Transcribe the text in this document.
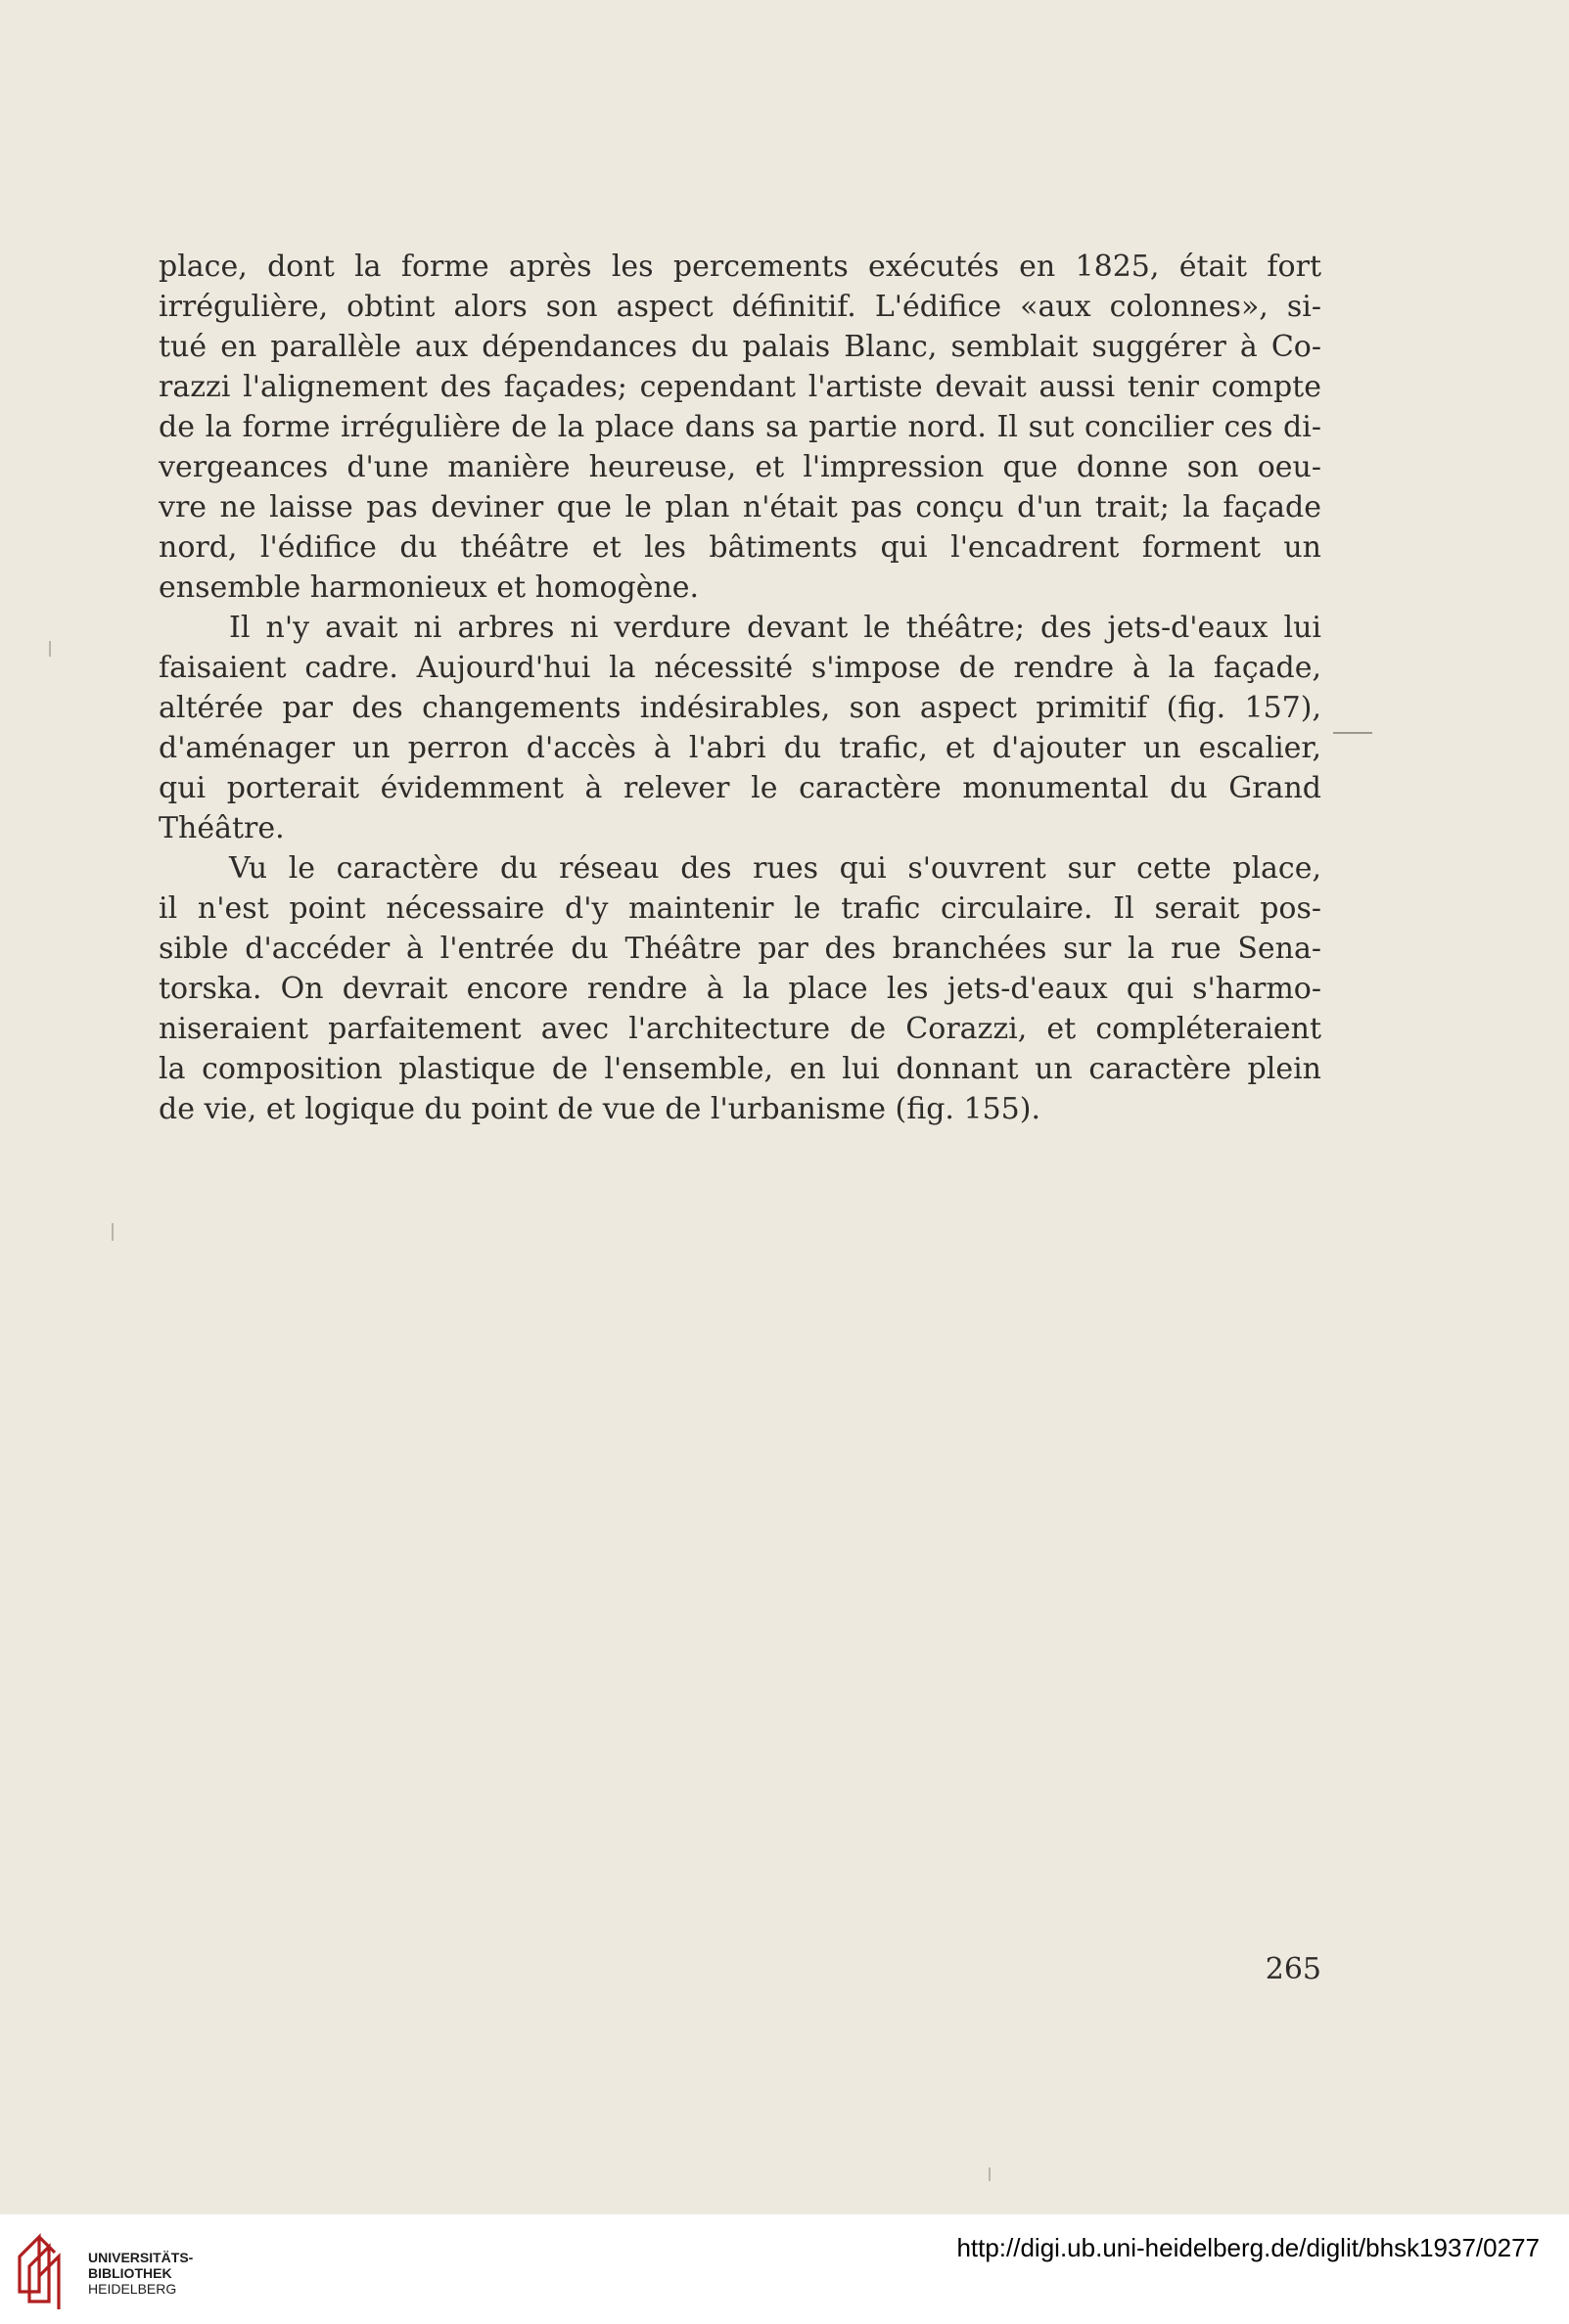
place, dont la forme après les percements exécutés en 1825, était fort
irrégulière, obtint alors son aspect définitif. L'édifice «aux colonnes», si-
tué en parallèle aux dépendances du palais Blanc, semblait suggérer à Co-
razzi l'alignement des façades; cependant l'artiste devait aussi tenir compte
de la forme irrégulière de la place dans sa partie nord. Il sut concilier ces di-
vergeances d'une manière heureuse, et l'impression que donne son oeu-
vre ne laisse pas deviner que le plan n'était pas conçu d'un trait; la façade
nord, l'édifice du théâtre et les bâtiments qui l'encadrent forment un
ensemble harmonieux et homogène.
Il n'y avait ni arbres ni verdure devant le théâtre; des jets-d'eaux lui
faisaient cadre. Aujourd'hui la nécessité s'impose de rendre à la façade,
altérée par des changements indésirables, son aspect primitif (fig. 157),
d'aménager un perron d'accès à l'abri du trafic, et d'ajouter un escalier,
qui porterait évidemment à relever le caractère monumental du Grand
Théâtre.
Vu le caractère du réseau des rues qui s'ouvrent sur cette place,
il n'est point nécessaire d'y maintenir le trafic circulaire. Il serait pos-
sible d'accéder à l'entrée du Théâtre par des branchées sur la rue Sena-
torska. On devrait encore rendre à la place les jets-d'eaux qui s'harmo-
niseraient parfaitement avec l'architecture de Corazzi, et compléteraient
la composition plastique de l'ensemble, en lui donnant un caractère plein
de vie, et logique du point de vue de l'urbanisme (fig. 155).
265
UNIVERSITÄTS-
BIBLIOTHEK
HEIDELBERG
http://digi.ub.uni-heidelberg.de/diglit/bhsk1937/0277
